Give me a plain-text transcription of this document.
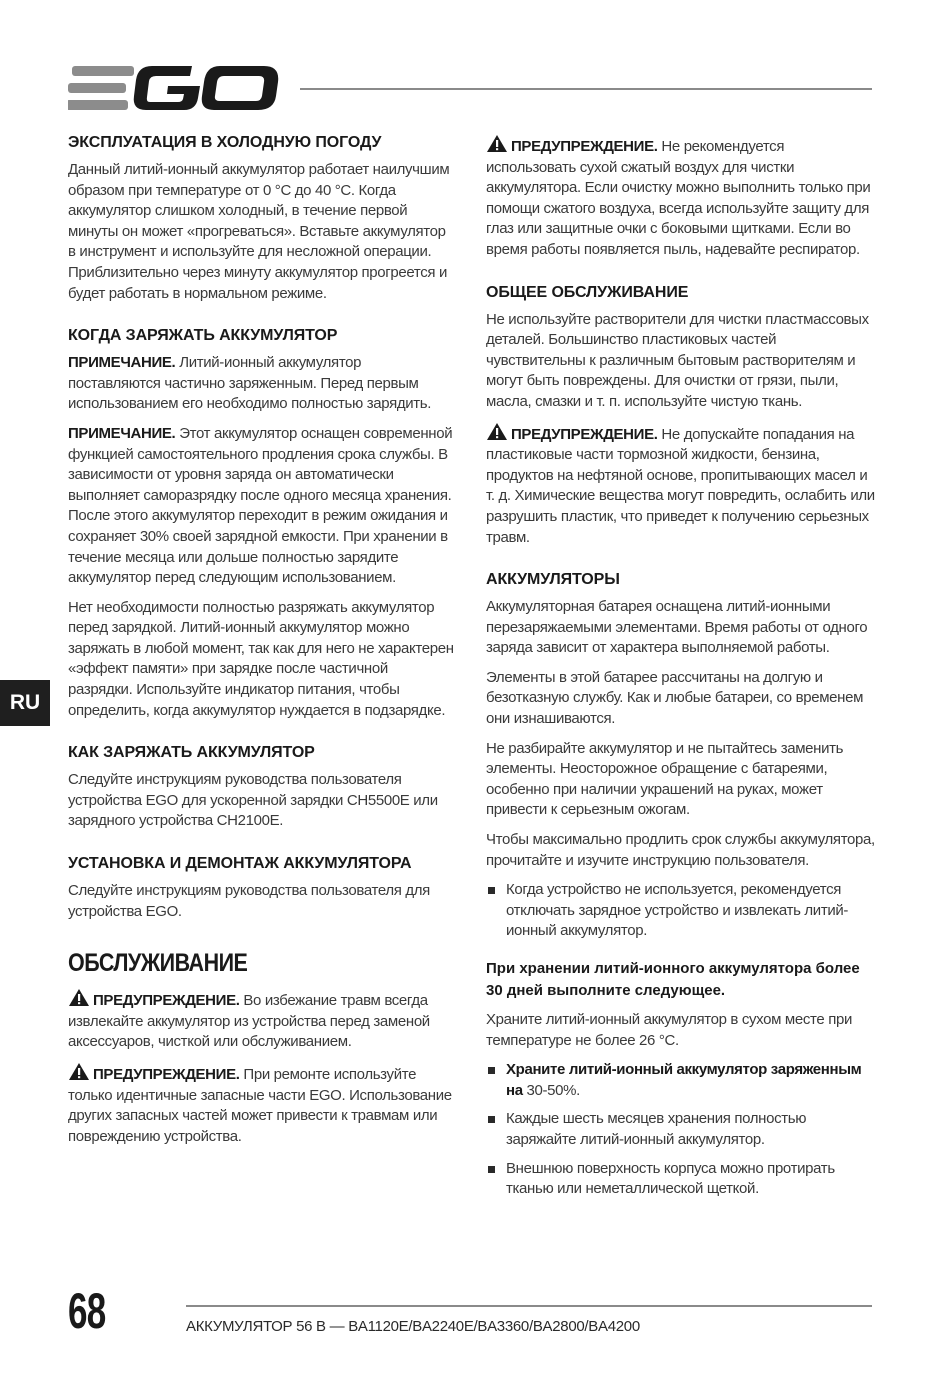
ЭКСПЛУАТАЦИЯ В ХОЛОДНУЮ ПОГОДУ

Данный литий-ионный аккумулятор работает наилучшим образом при температуре от 0 °C до 40 °C. Когда аккумулятор слишком холодный, в течение первой минуты он может «прогреваться». Вставьте аккумулятор в инструмент и используйте для несложной операции. Приблизительно через минуту аккумулятор прогреется и будет работать в нормальном режиме.

КОГДА ЗАРЯЖАТЬ АККУМУЛЯТОР

ПРИМЕЧАНИЕ. Литий-ионный аккумулятор поставляются частично заряженным. Перед первым использованием его необходимо полностью зарядить.

ПРИМЕЧАНИЕ. Этот аккумулятор оснащен современной функцией самостоятельного продления срока службы. В зависимости от уровня заряда он автоматически выполняет саморазрядку после одного месяца хранения. После этого аккумулятор переходит в режим ожидания и сохраняет 30% своей зарядной емкости. При хранении в течение месяца или дольше полностью зарядите аккумулятор перед следующим использованием.

Нет необходимости полностью разряжать аккумулятор перед зарядкой. Литий-ионный аккумулятор можно заряжать в любой момент, так как для него не характерен «эффект памяти» при зарядке после частичной разрядки. Используйте индикатор питания, чтобы определить, когда аккумулятор нуждается в подзарядке.

КАК ЗАРЯЖАТЬ АККУМУЛЯТОР

Следуйте инструкциям руководства пользователя устройства EGO для ускоренной зарядки CH5500E или зарядного устройства CH2100E.

УСТАНОВКА И ДЕМОНТАЖ АККУМУЛЯТОРА

Следуйте инструкциям руководства пользователя для устройства EGO.

ОБСЛУЖИВАНИЕ

ПРЕДУПРЕЖДЕНИЕ. Во избежание травм всегда извлекайте аккумулятор из устройства перед заменой аксессуаров, чисткой или обслуживанием.

ПРЕДУПРЕЖДЕНИЕ. При ремонте используйте только идентичные запасные части EGO. Использование других запасных частей может привести к травмам или повреждению устройства.

ПРЕДУПРЕЖДЕНИЕ. Не рекомендуется использовать сухой сжатый воздух для чистки аккумулятора. Если очистку можно выполнить только при помощи сжатого воздуха, всегда используйте защиту для глаз или защитные очки с боковыми щитками. Если во время работы появляется пыль, надевайте респиратор.

ОБЩЕЕ ОБСЛУЖИВАНИЕ

Не используйте растворители для чистки пластмассовых деталей. Большинство пластиковых частей чувствительны к различным бытовым растворителям и могут быть повреждены. Для очистки от грязи, пыли, масла, смазки и т. п. используйте чистую ткань.

ПРЕДУПРЕЖДЕНИЕ. Не допускайте попадания на пластиковые части тормозной жидкости, бензина, продуктов на нефтяной основе, пропитывающих масел и т. д. Химические вещества могут повредить, ослабить или разрушить пластик, что приведет к получению серьезных травм.

АККУМУЛЯТОРЫ

Аккумуляторная батарея оснащена литий-ионными перезаряжаемыми элементами. Время работы от одного заряда зависит от характера выполняемой работы.

Элементы в этой батарее рассчитаны на долгую и безотказную службу. Как и любые батареи, со временем они изнашиваются.

Не разбирайте аккумулятор и не пытайтесь заменить элементы. Неосторожное обращение с батареями, особенно при наличии украшений на руках, может привести к серьезным ожогам.

Чтобы максимально продлить срок службы аккумулятора, прочитайте и изучите инструкцию пользователя.

Когда устройство не используется, рекомендуется отключать зарядное устройство и извлекать литий-ионный аккумулятор.
При хранении литий-ионного аккумулятора более 30 дней выполните следующее.

Храните литий-ионный аккумулятор в сухом месте при температуре не более 26 °C.

Храните литий-ионный аккумулятор заряженным на 30-50%.
Каждые шесть месяцев хранения полностью заряжайте литий-ионный аккумулятор.
Внешнюю поверхность корпуса можно протирать тканью или неметаллической щеткой.
RU
68	АККУМУЛЯТОР 56 В — BA1120E/BA2240E/BA3360/BA2800/BA4200
